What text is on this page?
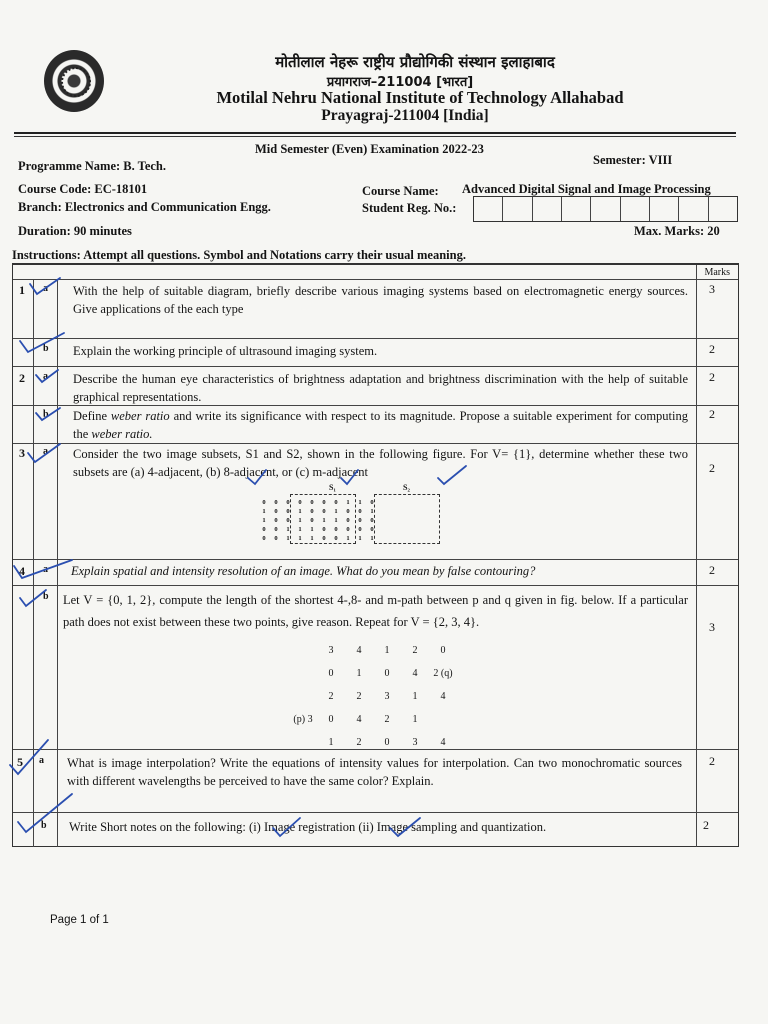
मोतीलाल नेहरू राष्ट्रीय प्रौद्योगिकी संस्थान इलाहाबाद
प्रयागराज–211004 [भारत]
Motilal Nehru National Institute of Technology Allahabad
Prayagraj-211004 [India]
Mid Semester (Even) Examination 2022-23
Programme Name: B. Tech.	Semester: VIII
Course Code: EC-18101
Branch: Electronics and Communication Engg.
Course Name: Advanced Digital Signal and Image Processing
Student Reg. No.:
Duration: 90 minutes	Max. Marks: 20
Instructions: Attempt all questions. Symbol and Notations carry their usual meaning.
Marks
1 a With the help of suitable diagram, briefly describe various imaging systems based on electromagnetic energy sources. Give applications of the each type
3
b Explain the working principle of ultrasound imaging system.	2
2 a Describe the human eye characteristics of brightness adaptation and brightness discrimination with the help of suitable graphical representations.
2
b Define weber ratio and write its significance with respect to its magnitude. Propose a suitable experiment for computing the weber ratio.
2
3 a Consider the two image subsets, S1 and S2, shown in the following figure. For V= {1}, determine whether these two subsets are (a) 4-adjacent, (b) 8-adjacent, or (c) m-adjacent	2
S₁	S₂
0	0	0	0	0	0	0	1	1	0
1	0	0	1	0	0	1	0	0	1
1	0	0	1	0	1	1	0	0	0
0	0	1	1	1	0	0	0	0	0
0	0	1	1	1	0	0	1	1	1
4 a Explain spatial and intensity resolution of an image. What do you mean by false contouring?	2
b Let V = {0, 1, 2}, compute the length of the shortest 4-,8- and m-path between p and q given in fig. below. If a particular path does not exist between these two points, give reason. Repeat for V = {2, 3, 4}.	3
	3	4	1	2	0
	0	1	0	4	2 (q)
	2	2	3	1	4
(p) 3	0	4	2	1	
	1	2	0	3	4
5 a What is image interpolation? Write the equations of intensity values for interpolation. Can two monochromatic sources with different wavelengths be perceived to have the same color? Explain.
2
b Write Short notes on the following: (i) Image registration (ii) Image sampling and quantization.	2
Page 1 of 1
